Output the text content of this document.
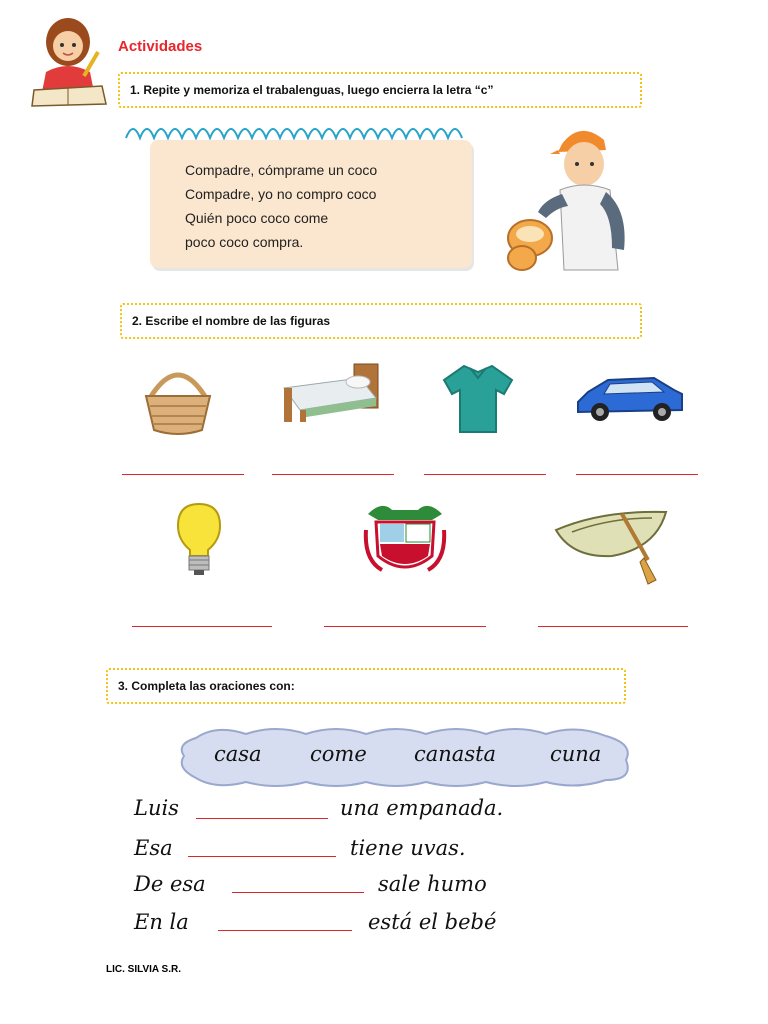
Actividades
1. Repite y memoriza el trabalenguas, luego encierra la letra “c”
Compadre, cómprame un coco
Compadre, yo no compro coco
Quién poco coco come
poco coco compra.
2. Escribe el nombre de las figuras
3. Completa las oraciones con:
casa come canasta	cuna
Luis	una empanada.
Esa	tiene uvas.
De esa	sale humo
En la	está el bebé
LIC. SILVIA S.R.
